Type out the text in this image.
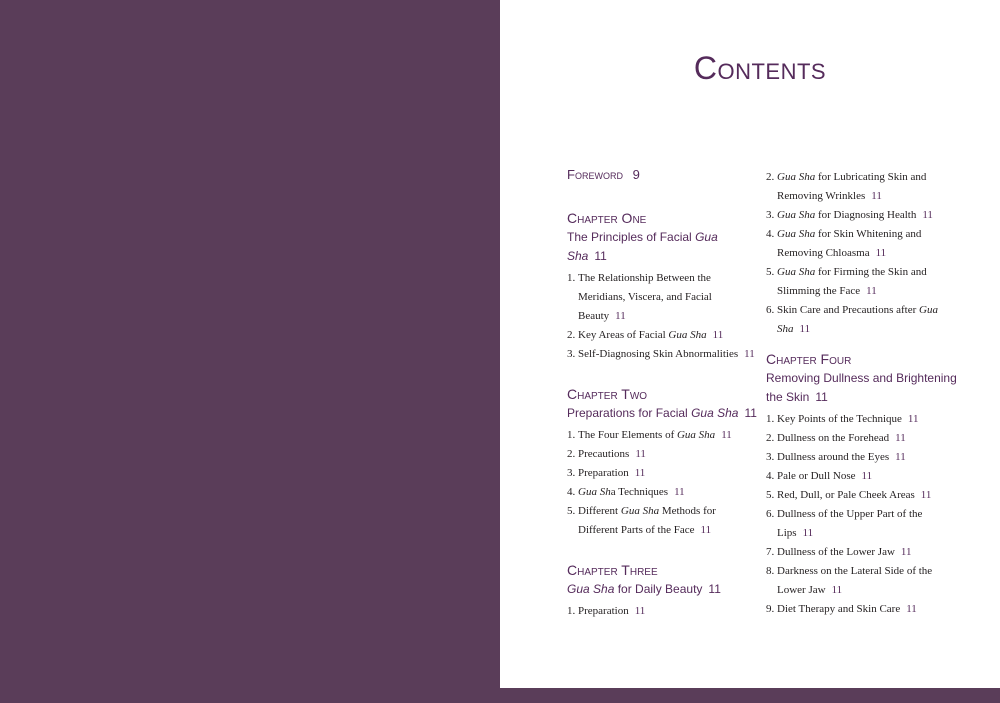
Contents
Foreword 9
Chapter One
The Principles of Facial Gua Sha 11
1. The Relationship Between the Meridians, Viscera, and Facial Beauty 11
2. Key Areas of Facial Gua Sha 11
3. Self-Diagnosing Skin Abnormalities 11
Chapter Two
Preparations for Facial Gua Sha 11
1. The Four Elements of Gua Sha 11
2. Precautions 11
3. Preparation 11
4. Gua Sha Techniques 11
5. Different Gua Sha Methods for Different Parts of the Face 11
Chapter Three
Gua Sha for Daily Beauty 11
1. Preparation 11
2. Gua Sha for Lubricating Skin and Removing Wrinkles 11
3. Gua Sha for Diagnosing Health 11
4. Gua Sha for Skin Whitening and Removing Chloasma 11
5. Gua Sha for Firming the Skin and Slimming the Face 11
6. Skin Care and Precautions after Gua Sha 11
Chapter Four
Removing Dullness and Brightening the Skin 11
1. Key Points of the Technique 11
2. Dullness on the Forehead 11
3. Dullness around the Eyes 11
4. Pale or Dull Nose 11
5. Red, Dull, or Pale Cheek Areas 11
6. Dullness of the Upper Part of the Lips 11
7. Dullness of the Lower Jaw 11
8. Darkness on the Lateral Side of the Lower Jaw 11
9. Diet Therapy and Skin Care 11
